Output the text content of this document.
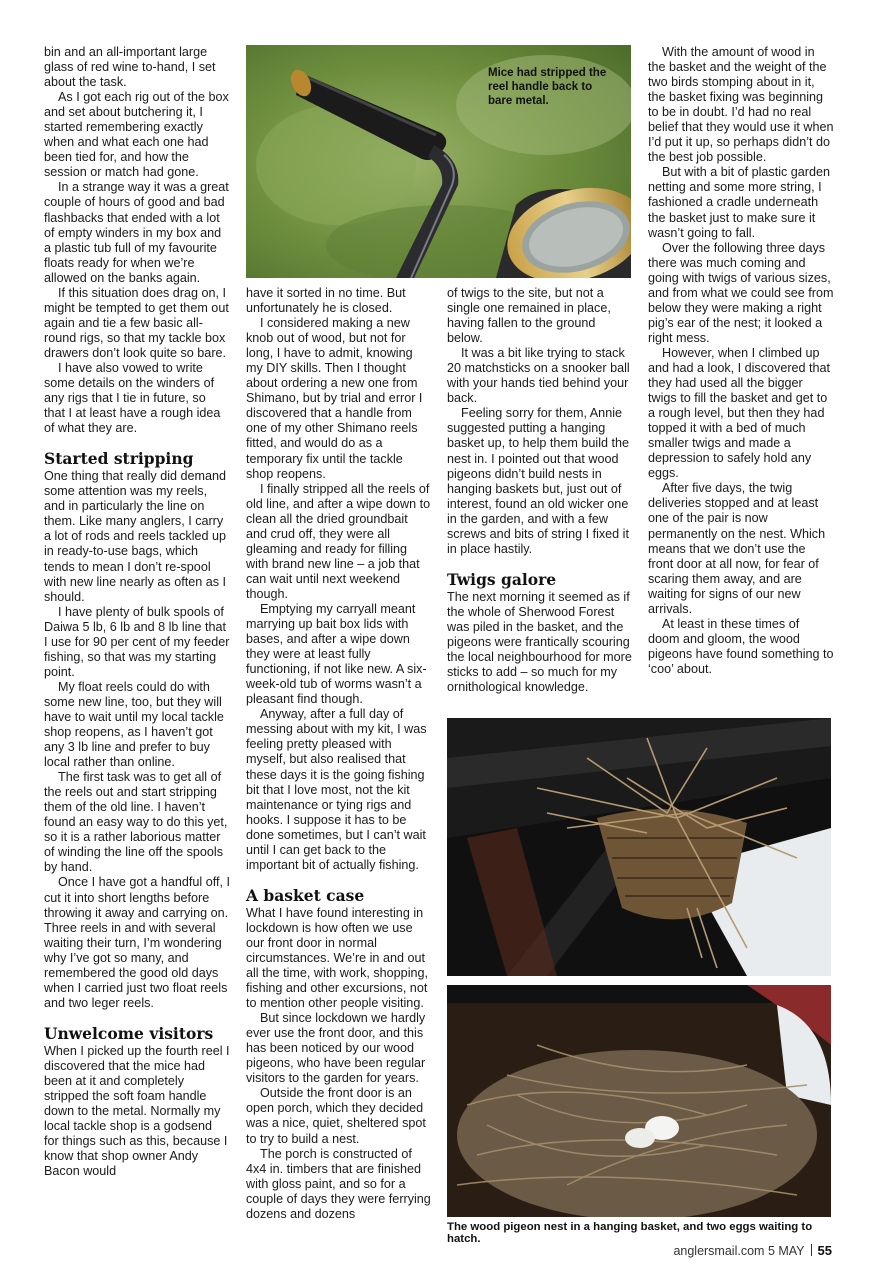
bin and an all-important large glass of red wine to-hand, I set about the task.

As I got each rig out of the box and set about butchering it, I started remembering exactly when and what each one had been tied for, and how the session or match had gone.

In a strange way it was a great couple of hours of good and bad flashbacks that ended with a lot of empty winders in my box and a plastic tub full of my favourite floats ready for when we’re allowed on the banks again.

If this situation does drag on, I might be tempted to get them out again and tie a few basic all-round rigs, so that my tackle box drawers don’t look quite so bare.

I have also vowed to write some details on the winders of any rigs that I tie in future, so that I at least have a rough idea of what they are.

Started stripping

One thing that really did demand some attention was my reels, and in particularly the line on them. Like many anglers, I carry a lot of rods and reels tackled up in ready-to-use bags, which tends to mean I don’t re-spool with new line nearly as often as I should.

I have plenty of bulk spools of Daiwa 5 lb, 6 lb and 8 lb line that I use for 90 per cent of my feeder fishing, so that was my starting point.

My float reels could do with some new line, too, but they will have to wait until my local tackle shop reopens, as I haven’t got any 3 lb line and prefer to buy local rather than online.

The first task was to get all of the reels out and start stripping them of the old line. I haven’t found an easy way to do this yet, so it is a rather laborious matter of winding the line off the spools by hand.

Once I have got a handful off, I cut it into short lengths before throwing it away and carrying on. Three reels in and with several waiting their turn, I’m wondering why I’ve got so many, and remembered the good old days when I carried just two float reels and two leger reels.

Unwelcome visitors

When I picked up the fourth reel I discovered that the mice had been at it and completely stripped the soft foam handle down to the metal. Normally my local tackle shop is a godsend for things such as this, because I know that shop owner Andy Bacon would

have it sorted in no time. But unfortunately he is closed.

I considered making a new knob out of wood, but not for long, I have to admit, knowing my DIY skills. Then I thought about ordering a new one from Shimano, but by trial and error I discovered that a handle from one of my other Shimano reels fitted, and would do as a temporary fix until the tackle shop reopens.

I finally stripped all the reels of old line, and after a wipe down to clean all the dried groundbait and crud off, they were all gleaming and ready for filling with brand new line – a job that can wait until next weekend though.

Emptying my carryall meant marrying up bait box lids with bases, and after a wipe down they were at least fully functioning, if not like new. A six-week-old tub of worms wasn’t a pleasant find though.

Anyway, after a full day of messing about with my kit, I was feeling pretty pleased with myself, but also realised that these days it is the going fishing bit that I love most, not the kit maintenance or tying rigs and hooks. I suppose it has to be done sometimes, but I can’t wait until I can get back to the important bit of actually fishing.

A basket case

What I have found interesting in lockdown is how often we use our front door in normal circumstances. We’re in and out all the time, with work, shopping, fishing and other excursions, not to mention other people visiting.

But since lockdown we hardly ever use the front door, and this has been noticed by our wood pigeons, who have been regular visitors to the garden for years.

Outside the front door is an open porch, which they decided was a nice, quiet, sheltered spot to try to build a nest.

The porch is constructed of 4x4 in. timbers that are finished with gloss paint, and so for a couple of days they were ferrying dozens and dozens

of twigs to the site, but not a single one remained in place, having fallen to the ground below.

It was a bit like trying to stack 20 matchsticks on a snooker ball with your hands tied behind your back.

Feeling sorry for them, Annie suggested putting a hanging basket up, to help them build the nest in. I pointed out that wood pigeons didn’t build nests in hanging baskets but, just out of interest, found an old wicker one in the garden, and with a few screws and bits of string I fixed it in place hastily.

Twigs galore

The next morning it seemed as if the whole of Sherwood Forest was piled in the basket, and the pigeons were frantically scouring the local neighbourhood for more sticks to add – so much for my ornithological knowledge.

With the amount of wood in the basket and the weight of the two birds stomping about in it, the basket fixing was beginning to be in doubt. I’d had no real belief that they would use it when I’d put it up, so perhaps didn’t do the best job possible.

But with a bit of plastic garden netting and some more string, I fashioned a cradle underneath the basket just to make sure it wasn’t going to fall.

Over the following three days there was much coming and going with twigs of various sizes, and from what we could see from below they were making a right pig’s ear of the nest; it looked a right mess.

However, when I climbed up and had a look, I discovered that they had used all the bigger twigs to fill the basket and get to a rough level, but then they had topped it with a bed of much smaller twigs and made a depression to safely hold any eggs.

After five days, the twig deliveries stopped and at least one of the pair is now permanently on the nest. Which means that we don’t use the front door at all now, for fear of scaring them away, and are waiting for signs of our new arrivals.

At least in these times of doom and gloom, the wood pigeons have found something to ‘coo’ about.

Mice had stripped the reel handle back to bare metal.
The wood pigeon nest in a hanging basket, and two eggs waiting to hatch.
anglersmail.com 5 MAY 55
